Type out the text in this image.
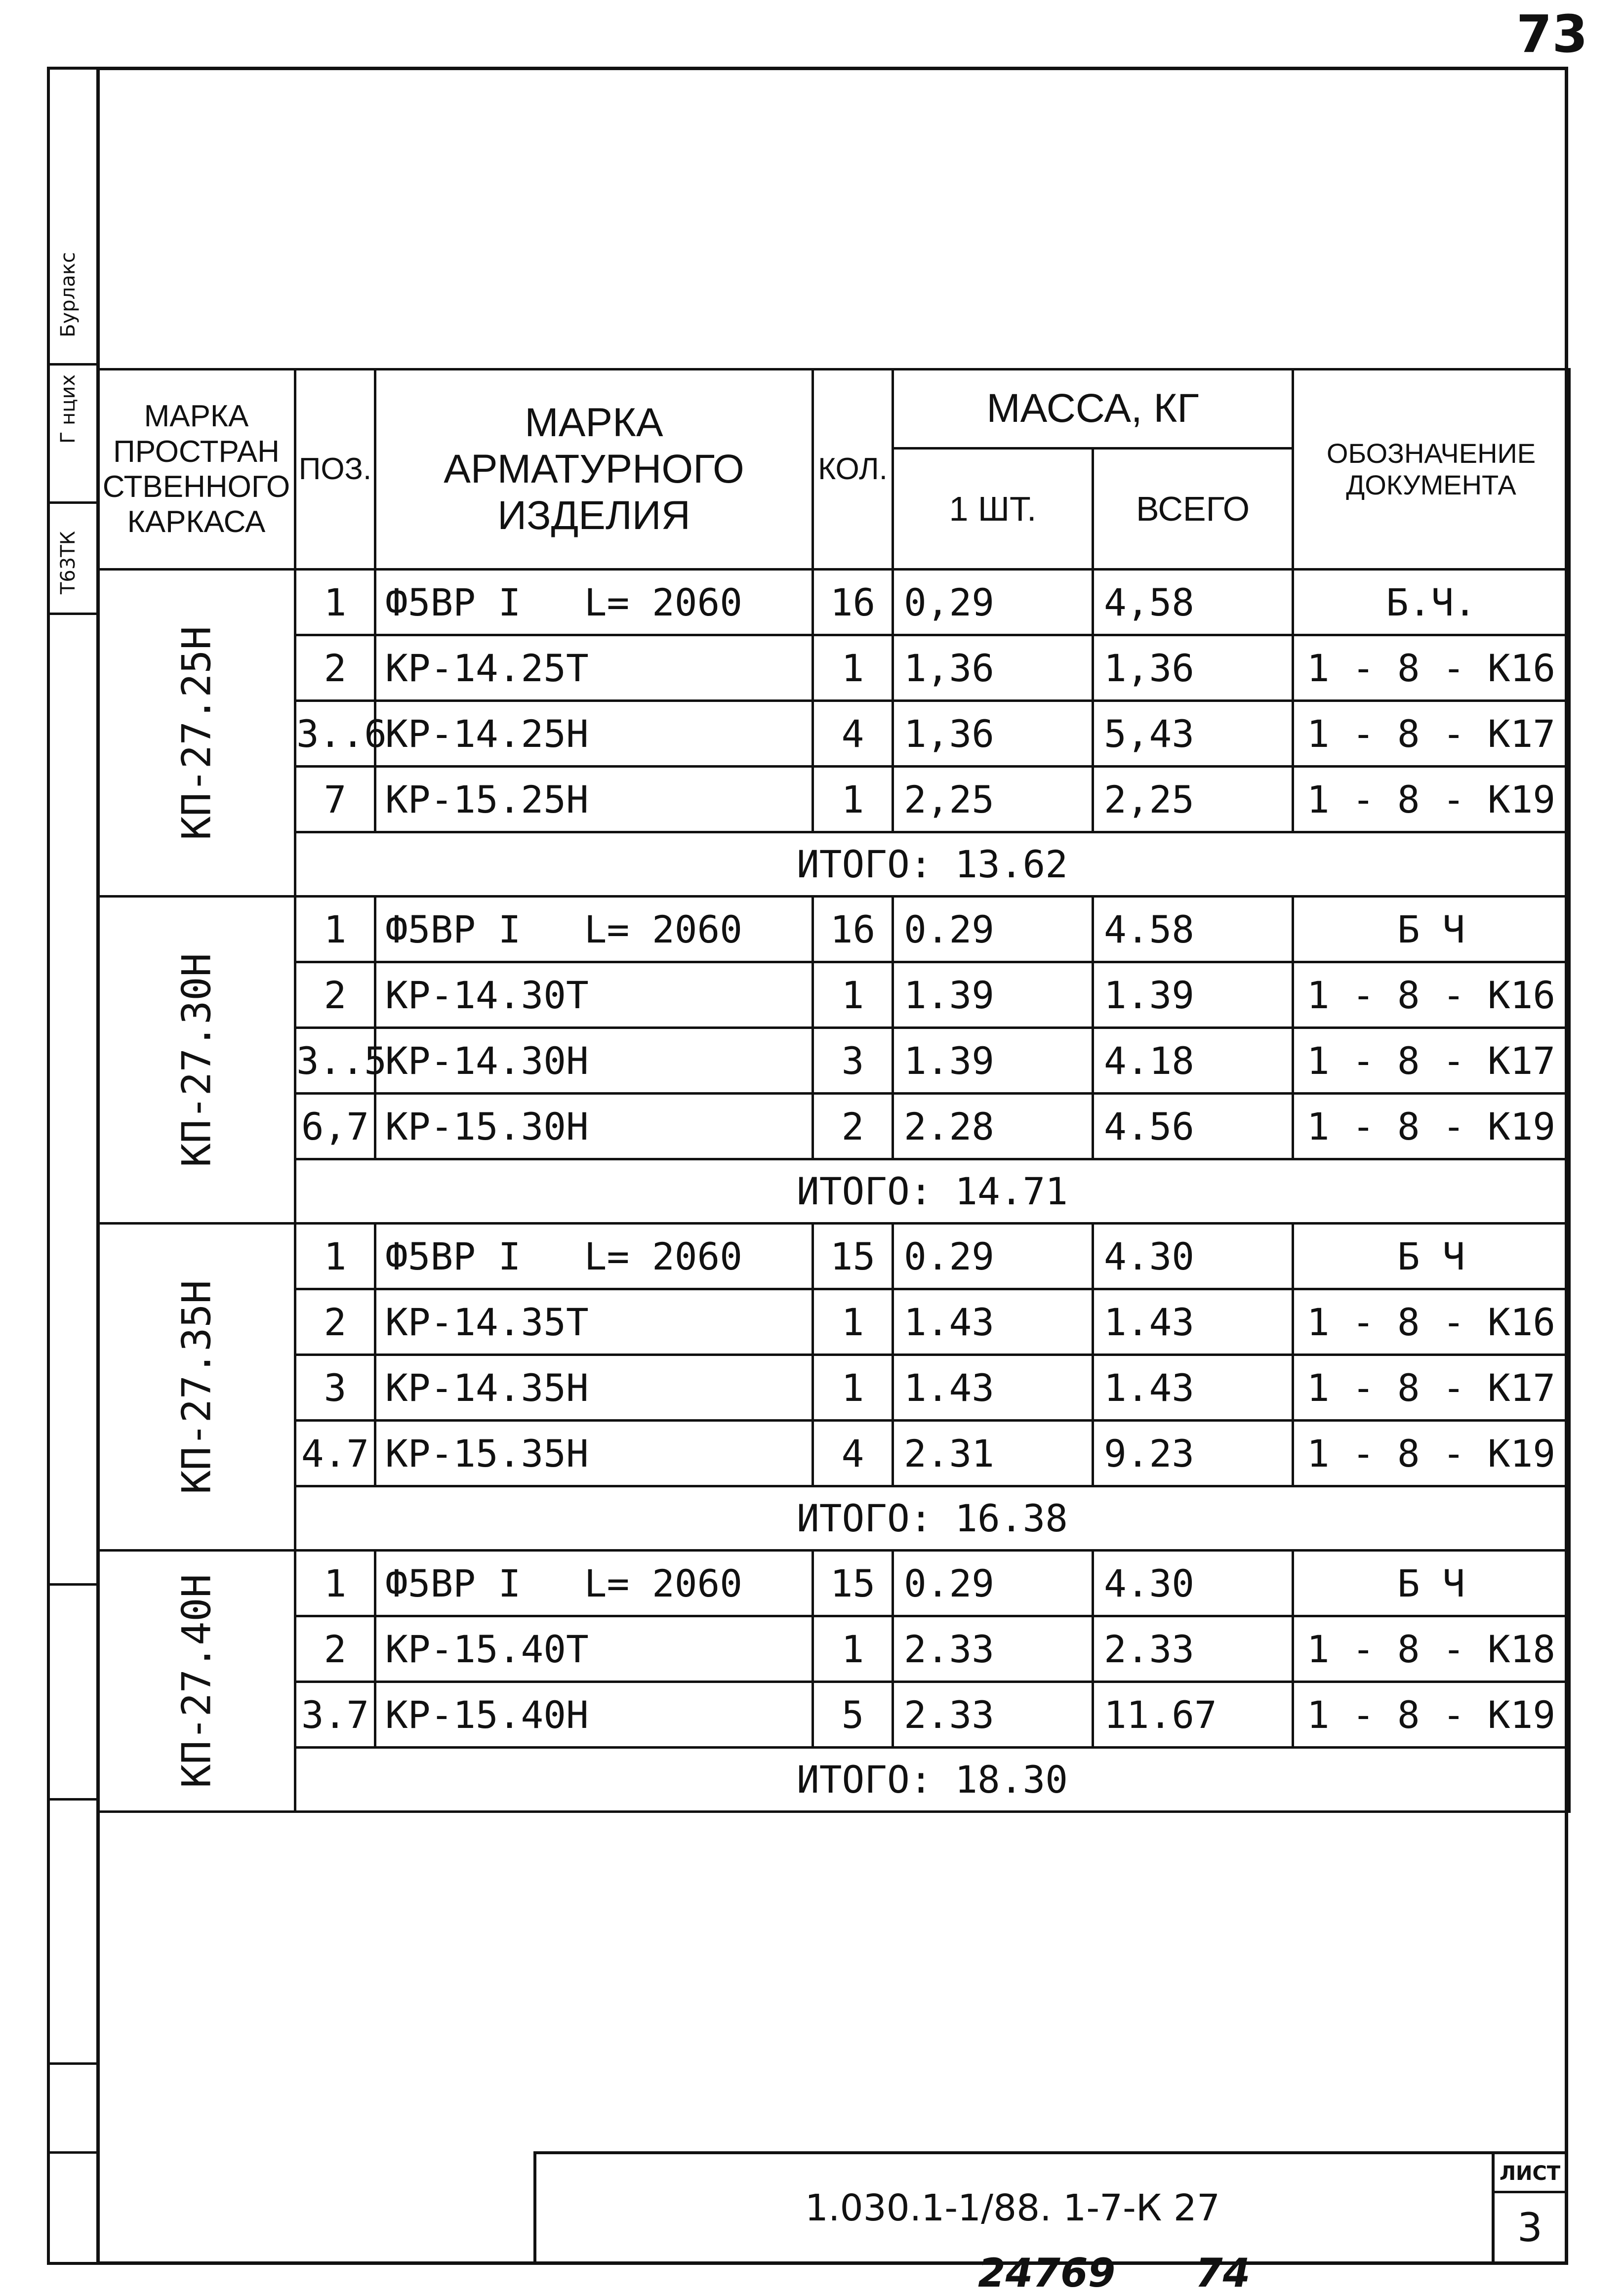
73
Бурлакс
Г нцих
Т63ТК
МАРКА ПРОСТРАН СТВЕННОГО КАРКАСА	ПОЗ.	МАРКА АРМАТУРНОГО ИЗДЕЛИЯ	КОЛ.	МАССА, КГ		ОБОЗНАЧЕНИЕ ДОКУМЕНТА
				1 ШТ.	ВСЕГО	

КП-27.25Н	1	Ф5ВР I L= 2060	16	0,29	4,58	Б.Ч.
	2	КР-14.25Т	1	1,36	1,36	1 - 8 - К16
	3..6	КР-14.25Н	4	1,36	5,43	1 - 8 - К17
	7	КР-15.25Н	1	2,25	2,25	1 - 8 - К19
	ИТОГО: 13.62					

КП-27.30Н	1	Ф5ВР I L= 2060	16	0.29	4.58	Б Ч
	2	КР-14.30Т	1	1.39	1.39	1 - 8 - К16
	3..5	КР-14.30Н	3	1.39	4.18	1 - 8 - К17
	6,7	КР-15.30Н	2	2.28	4.56	1 - 8 - К19
	ИТОГО: 14.71					

КП-27.35Н	1	Ф5ВР I L= 2060	15	0.29	4.30	Б Ч
	2	КР-14.35Т	1	1.43	1.43	1 - 8 - К16
	3	КР-14.35Н	1	1.43	1.43	1 - 8 - К17
	4.7	КР-15.35Н	4	2.31	9.23	1 - 8 - К19
	ИТОГО: 16.38					

КП-27.40Н	1	Ф5ВР I L= 2060	15	0.29	4.30	Б Ч
	2	КР-15.40Т	1	2.33	2.33	1 - 8 - К18
	3.7	КР-15.40Н	5	2.33	11.67	1 - 8 - К19
	ИТОГО: 18.30					
1.030.1-1/88. 1-7-К 27
ЛИСТ
3
24769 74
